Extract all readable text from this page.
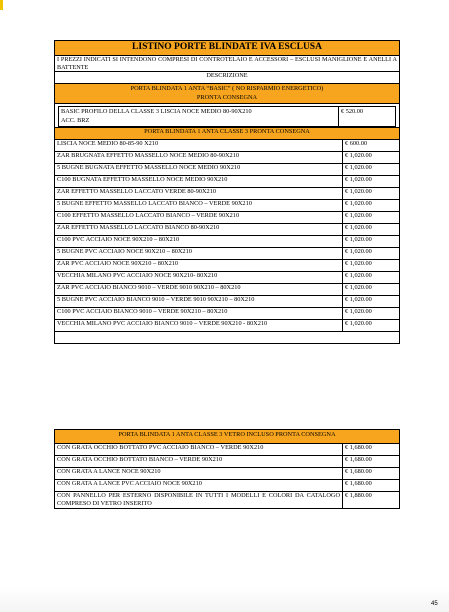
LISTINO PORTE BLINDATE IVA ESCLUSA	
I PREZZI INDICATI SI INTENDONO COMPRESI DI CONTROTELAIO E ACCESSORI – ESCLUSI MANIGLIONE E ANELLI A BATTENTE	
DESCRIZIONE	

PORTA BLINDATA 1 ANTA “BASIC” ( NO RISPARMIO ENERGETICO)
PRONTA CONSEGNA	

BASIC PROFILO DELLA CLASSE 3 LISCIA NOCE MEDIO 80-90X210
ACC. BRZ
€ 520.00	

PORTA BLINDATA 1 ANTA CLASSE 3 PRONTA CONSEGNA	
LISCIA NOCE MEDIO 80-85-90 X210	€ 600.00
ZAR BRUGNATA EFFETTO MASSELLO NOCE MEDIO 80-90X210	€ 1,020.00
5 BUGNE BUGNATA EFFETTO MASSELLO NOCE MEDIO 90X210	€ 1,020.00
C100 BUGNATA EFFETTO MASSELLO NOCE MEDIO 90X210	€ 1,020.00
ZAR EFFETTO MASSELLO LACCATO VERDE 80-90X210	€ 1,020.00
5 BUGNE EFFETTO MASSELLO LACCATO BIANCO – VERDE 90X210	€ 1,020.00
C100 EFFETTO MASSELLO LACCATO BIANCO – VERDE 90X210	€ 1,020.00
ZAR EFFETTO MASSELLO LACCATO BIANCO 80-90X210	€ 1,020.00
C100 PVC ACCIAIO NOCE 90X210 – 80X210	€ 1,020.00
5 BUGNE PVC ACCIAIO NOCE 90X210 – 80X210	€ 1,020.00
ZAR PVC ACCIAIO NOCE 90X210 – 80X210	€ 1,020.00
VECCHIA MILANO PVC ACCIAIO NOCE 90X210- 80X210	€ 1,020.00
ZAR PVC ACCIAIO BIANCO 9010 – VERDE 9010 90X210 – 80X210	€ 1,020.00
5 BUGNE PVC ACCIAIO BIANCO 9010 – VERDE 9010 90X210 – 80X210	€ 1,020.00
C100 PVC ACCIAIO BIANCO 9010 – VERDE 90X210 – 80X210	€ 1,020.00
VECCHIA MILANO PVC ACCIAIO BIANCO 9010 – VERDE 90X210 - 80X210	€ 1,020.00

PORTA BLINDATA 1 ANTA CLASSE 3 VETRO INCLUSO PRONTA CONSEGNA	
CON GRATA OCCHIO BOTTATO PVC ACCIAIO BIANCO – VERDE 90X210	€ 1,680.00
CON GRATA OCCHIO BOTTATO BIANCO – VERDE 90X210	€ 1,680.00
CON GRATA A LANCE NOCE 90X210	€ 1,680.00
CON GRATA A LANCE PVC ACCIAIO NOCE 90X210	€ 1,680.00
CON PANNELLO PER ESTERNO DISPONIBILE IN TUTTI I MODELLI E COLORI DA CATALOGO COMPRESO DI VETRO INSERITO	€ 1,880.00
45
